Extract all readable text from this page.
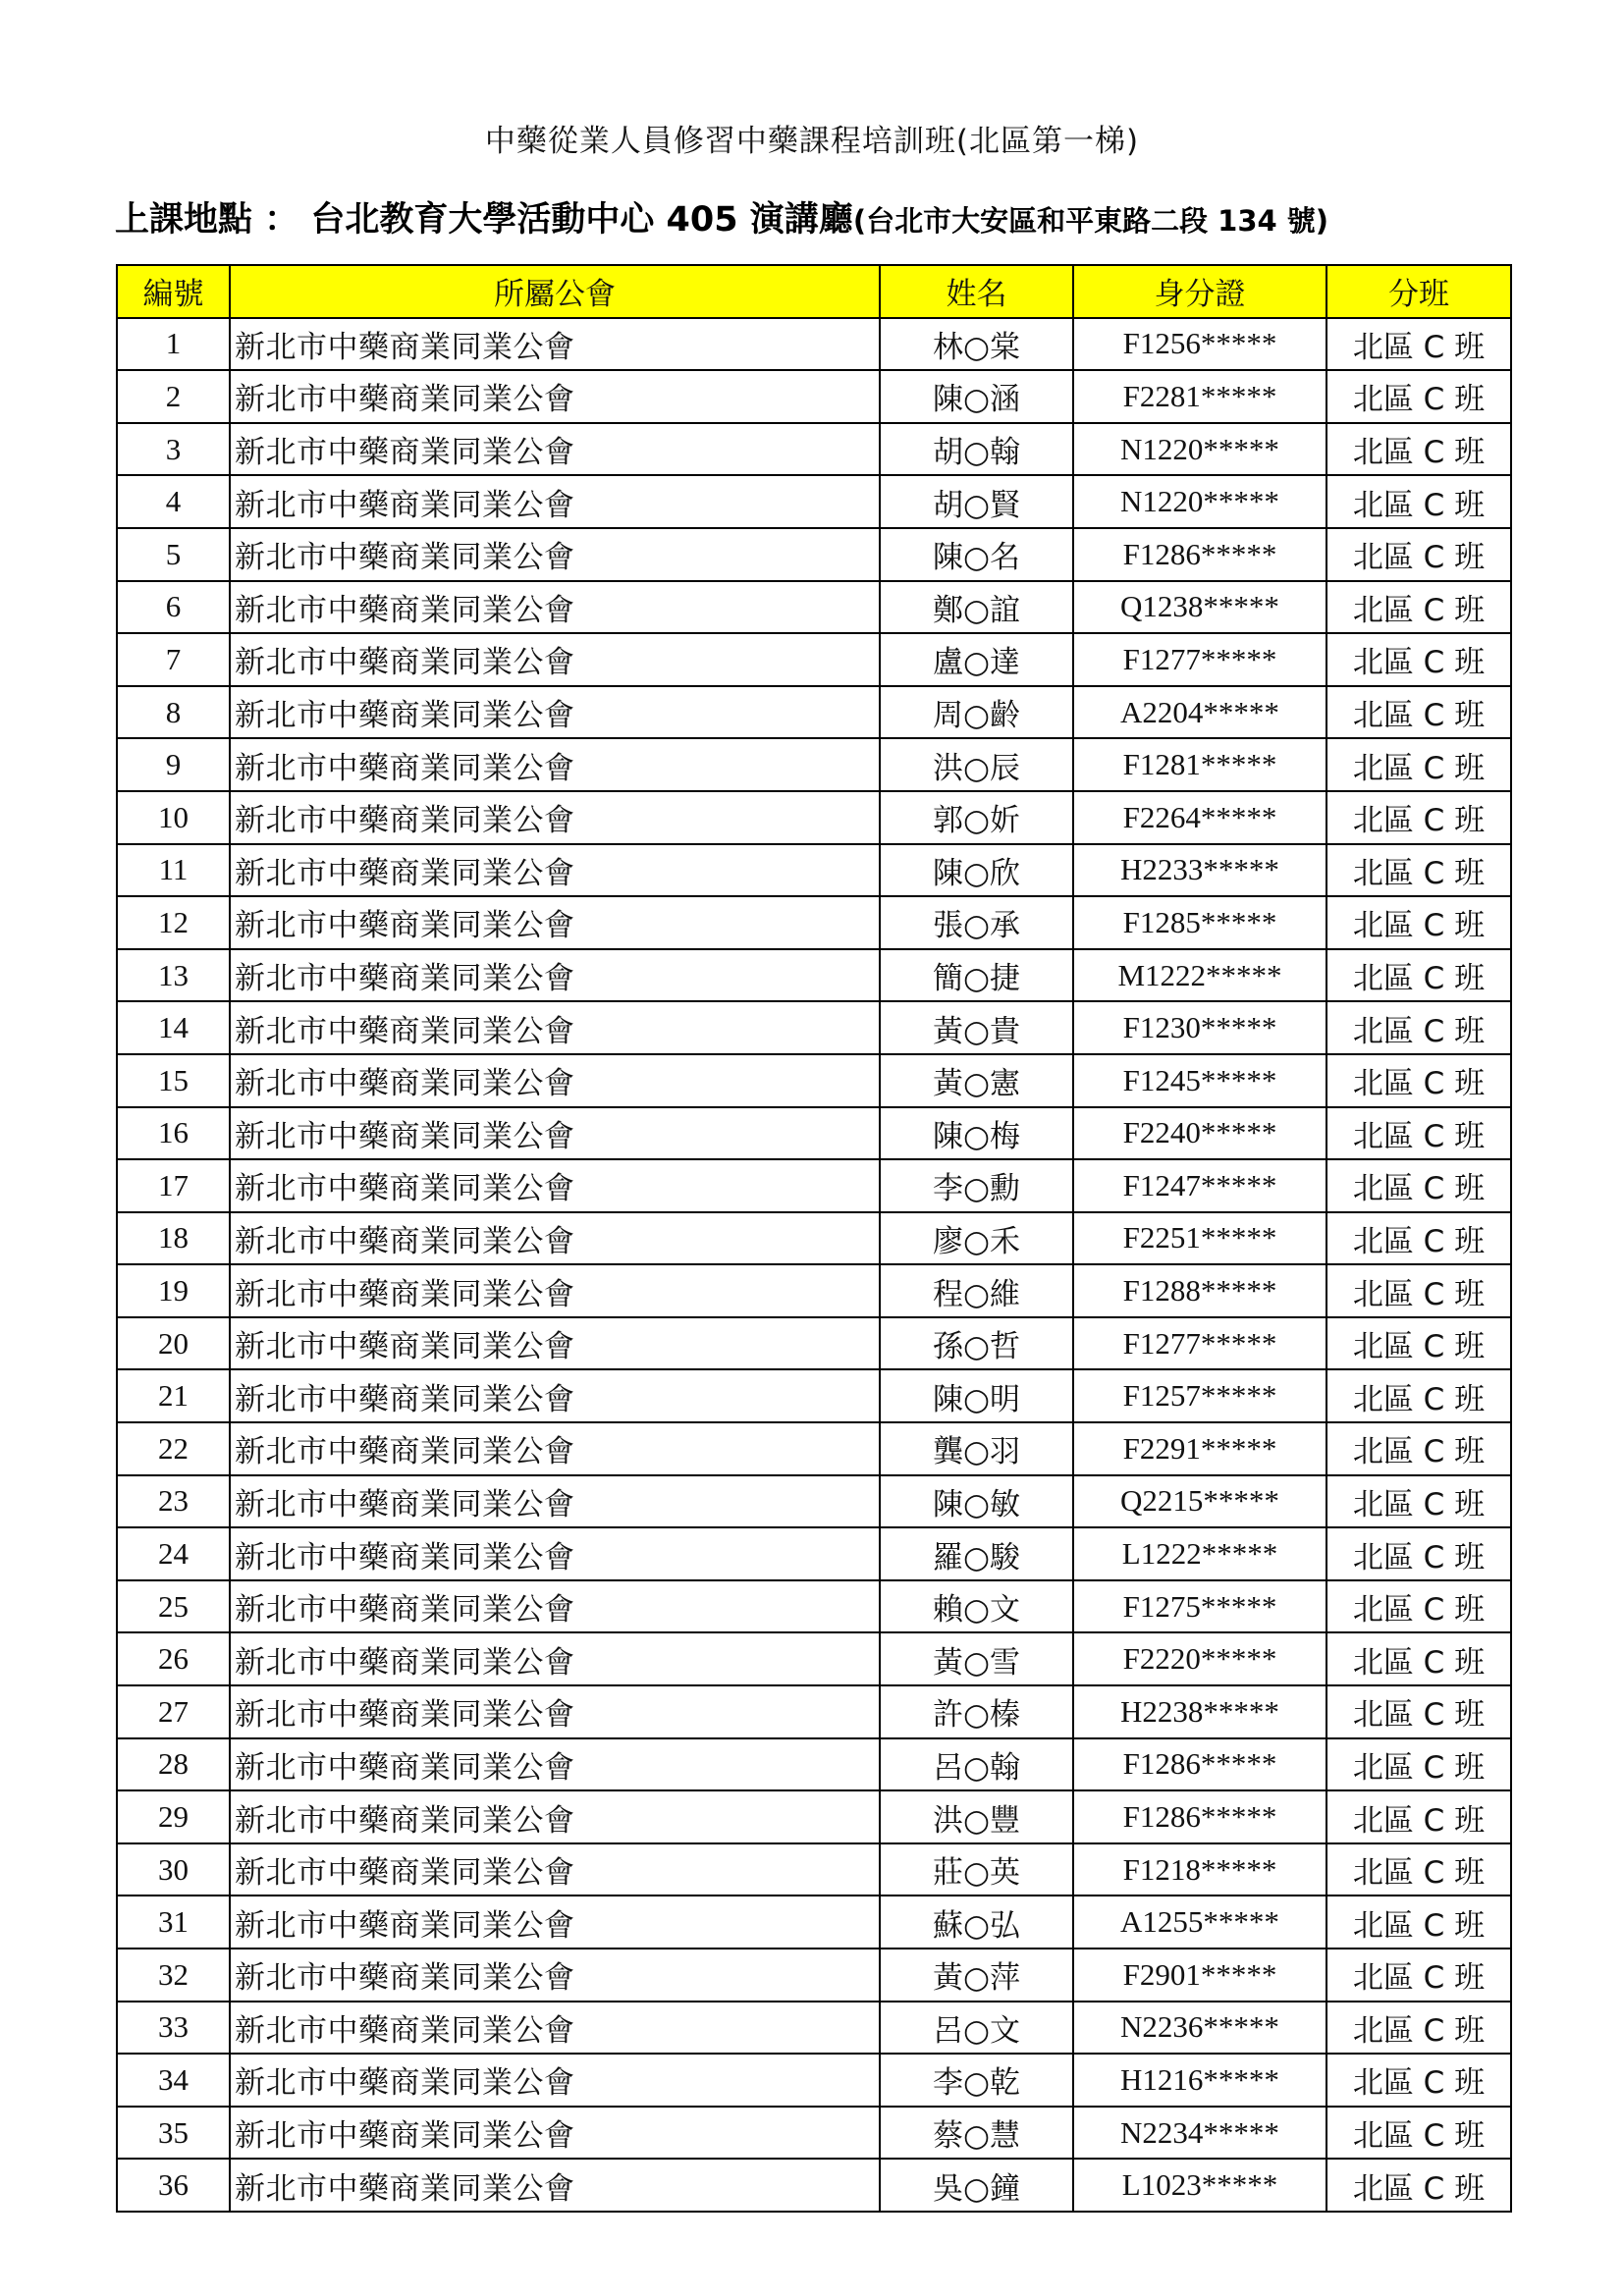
中藥從業人員修習中藥課程培訓班(北區第一梯)
上課地點 ： 台北教育大學活動中心 405 演講廳(台北市大安區和平東路二段 134 號)
編號	所屬公會	姓名	身分證	分班
1	新北市中藥商業同業公會	林○棠	F1256*****	北區 C 班
2	新北市中藥商業同業公會	陳○涵	F2281*****	北區 C 班
3	新北市中藥商業同業公會	胡○翰	N1220*****	北區 C 班
4	新北市中藥商業同業公會	胡○賢	N1220*****	北區 C 班
5	新北市中藥商業同業公會	陳○名	F1286*****	北區 C 班
6	新北市中藥商業同業公會	鄭○誼	Q1238*****	北區 C 班
7	新北市中藥商業同業公會	盧○達	F1277*****	北區 C 班
8	新北市中藥商業同業公會	周○齡	A2204*****	北區 C 班
9	新北市中藥商業同業公會	洪○辰	F1281*****	北區 C 班
10	新北市中藥商業同業公會	郭○妡	F2264*****	北區 C 班
11	新北市中藥商業同業公會	陳○欣	H2233*****	北區 C 班
12	新北市中藥商業同業公會	張○承	F1285*****	北區 C 班
13	新北市中藥商業同業公會	簡○捷	M1222*****	北區 C 班
14	新北市中藥商業同業公會	黃○貴	F1230*****	北區 C 班
15	新北市中藥商業同業公會	黃○憲	F1245*****	北區 C 班
16	新北市中藥商業同業公會	陳○梅	F2240*****	北區 C 班
17	新北市中藥商業同業公會	李○勳	F1247*****	北區 C 班
18	新北市中藥商業同業公會	廖○禾	F2251*****	北區 C 班
19	新北市中藥商業同業公會	程○維	F1288*****	北區 C 班
20	新北市中藥商業同業公會	孫○哲	F1277*****	北區 C 班
21	新北市中藥商業同業公會	陳○明	F1257*****	北區 C 班
22	新北市中藥商業同業公會	龔○羽	F2291*****	北區 C 班
23	新北市中藥商業同業公會	陳○敏	Q2215*****	北區 C 班
24	新北市中藥商業同業公會	羅○駿	L1222*****	北區 C 班
25	新北市中藥商業同業公會	賴○文	F1275*****	北區 C 班
26	新北市中藥商業同業公會	黃○雪	F2220*****	北區 C 班
27	新北市中藥商業同業公會	許○榛	H2238*****	北區 C 班
28	新北市中藥商業同業公會	呂○翰	F1286*****	北區 C 班
29	新北市中藥商業同業公會	洪○豐	F1286*****	北區 C 班
30	新北市中藥商業同業公會	莊○英	F1218*****	北區 C 班
31	新北市中藥商業同業公會	蘇○弘	A1255*****	北區 C 班
32	新北市中藥商業同業公會	黃○萍	F2901*****	北區 C 班
33	新北市中藥商業同業公會	呂○文	N2236*****	北區 C 班
34	新北市中藥商業同業公會	李○乾	H1216*****	北區 C 班
35	新北市中藥商業同業公會	蔡○慧	N2234*****	北區 C 班
36	新北市中藥商業同業公會	吳○鐘	L1023*****	北區 C 班
